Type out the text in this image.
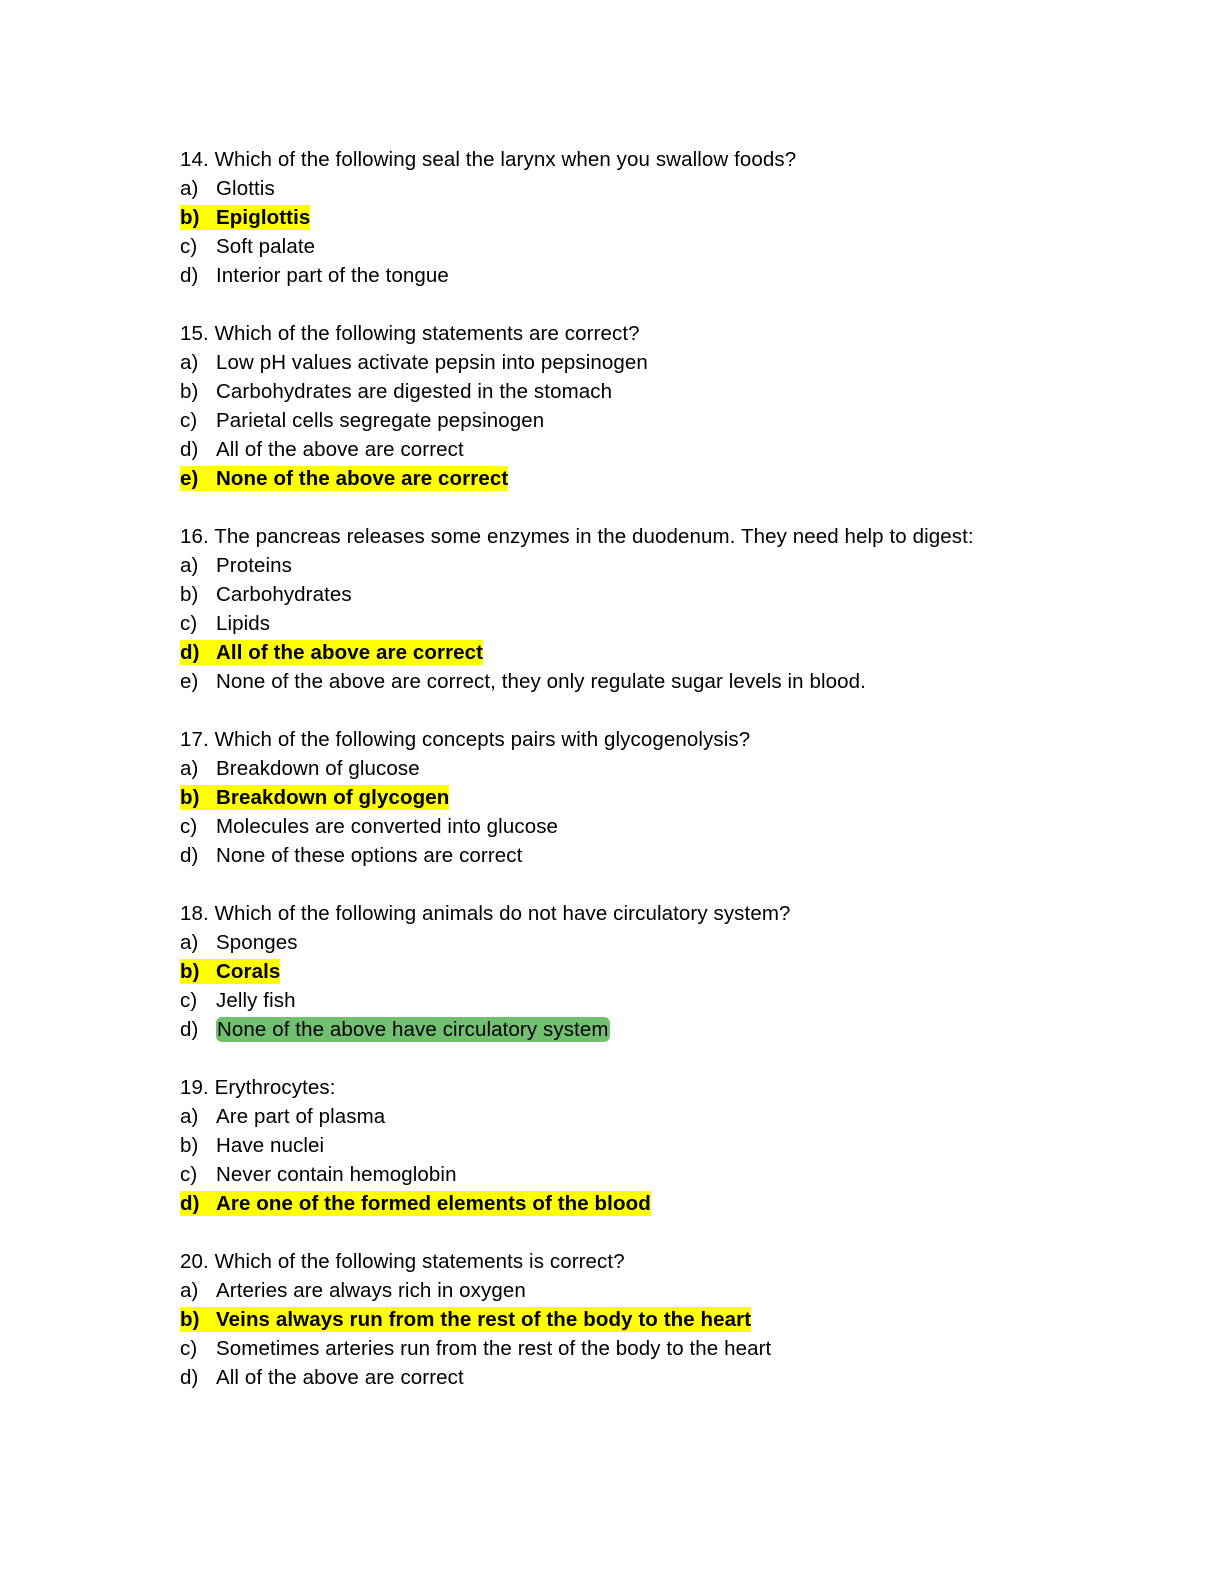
14. Which of the following seal the larynx when you swallow foods?
a) Glottis
b) Epiglottis
c) Soft palate
d) Interior part of the tongue
15. Which of the following statements are correct?
a) Low pH values activate pepsin into pepsinogen
b) Carbohydrates are digested in the stomach
c) Parietal cells segregate pepsinogen
d) All of the above are correct
e) None of the above are correct
16. The pancreas releases some enzymes in the duodenum. They need help to digest:
a) Proteins
b) Carbohydrates
c) Lipids
d) All of the above are correct
e) None of the above are correct, they only regulate sugar levels in blood.
17. Which of the following concepts pairs with glycogenolysis?
a) Breakdown of glucose
b) Breakdown of glycogen
c) Molecules are converted into glucose
d) None of these options are correct
18. Which of the following animals do not have circulatory system?
a) Sponges
b) Corals
c) Jelly fish
d) None of the above have circulatory system
19. Erythrocytes:
a) Are part of plasma
b) Have nuclei
c) Never contain hemoglobin
d) Are one of the formed elements of the blood
20. Which of the following statements is correct?
a) Arteries are always rich in oxygen
b) Veins always run from the rest of the body to the heart
c) Sometimes arteries run from the rest of the body to the heart
d) All of the above are correct
